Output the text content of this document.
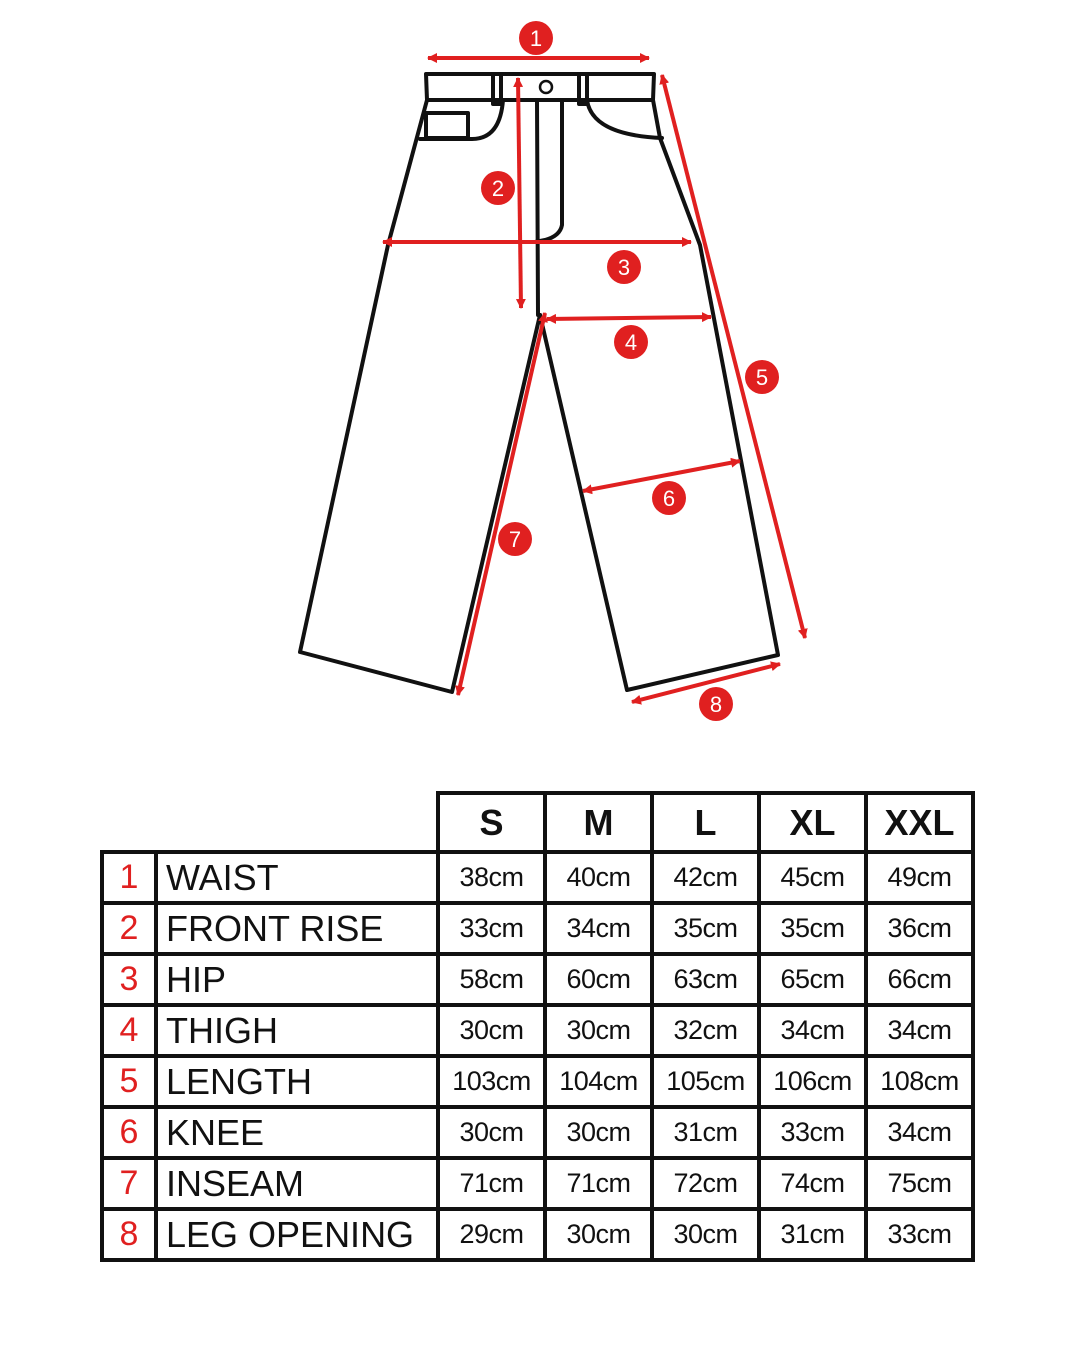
1
2
3
4
5
6
7
8
		S	M	L	XL	XXL
1	WAIST	38cm	40cm	42cm	45cm	49cm
2	FRONT RISE	33cm	34cm	35cm	35cm	36cm
3	HIP	58cm	60cm	63cm	65cm	66cm
4	THIGH	30cm	30cm	32cm	34cm	34cm
5	LENGTH	103cm	104cm	105cm	106cm	108cm
6	KNEE	30cm	30cm	31cm	33cm	34cm
7	INSEAM	71cm	71cm	72cm	74cm	75cm
8	LEG OPENING	29cm	30cm	30cm	31cm	33cm
